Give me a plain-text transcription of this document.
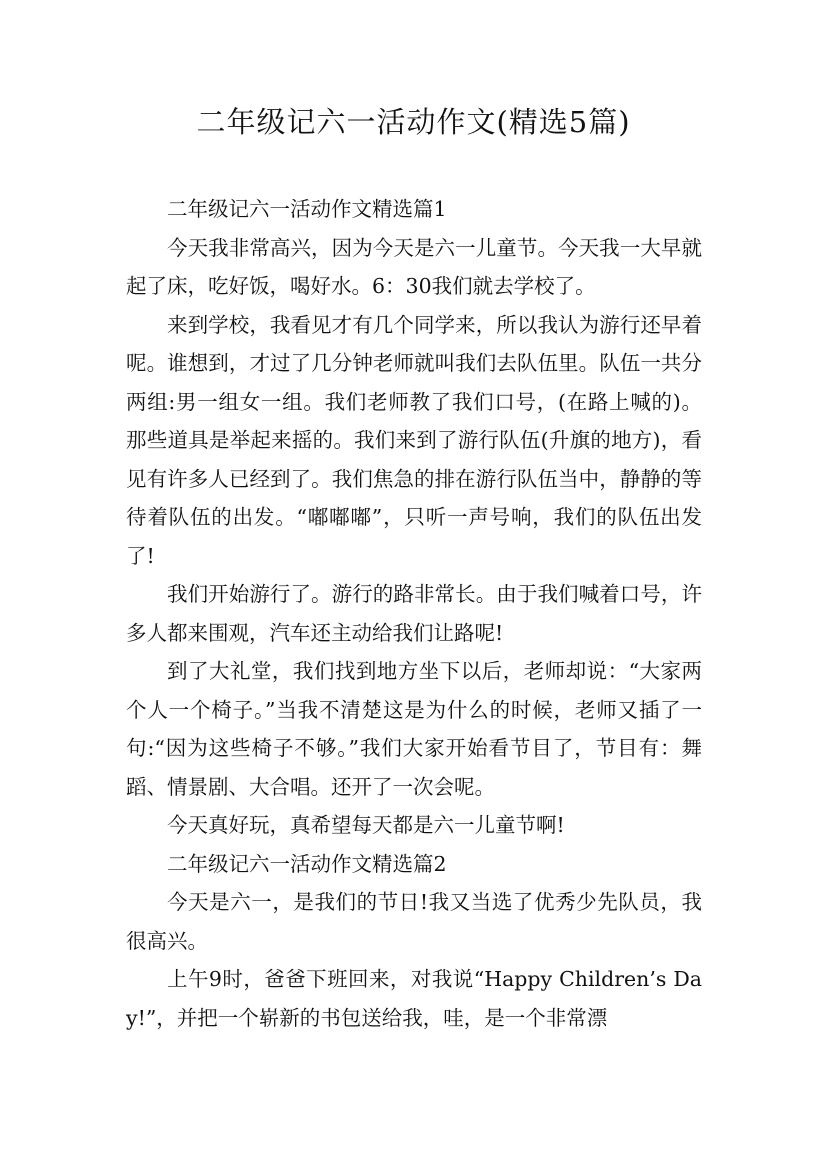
二年级记六一活动作文(精选5篇)

二年级记六一活动作文精选篇1

今天我非常高兴，因为今天是六一儿童节。今天我一大早就起了床，吃好饭，喝好水。6：30我们就去学校了。

来到学校，我看见才有几个同学来，所以我认为游行还早着呢。谁想到，才过了几分钟老师就叫我们去队伍里。队伍一共分两组:男一组女一组。我们老师教了我们口号，(在路上喊的)。那些道具是举起来摇的。我们来到了游行队伍(升旗的地方)，看见有许多人已经到了。我们焦急的排在游行队伍当中，静静的等待着队伍的出发。“嘟嘟嘟”，只听一声号响，我们的队伍出发了!

我们开始游行了。游行的路非常长。由于我们喊着口号，许多人都来围观，汽车还主动给我们让路呢!

到了大礼堂，我们找到地方坐下以后，老师却说：“大家两个人一个椅子。”当我不清楚这是为什么的时候，老师又插了一句:“因为这些椅子不够。”我们大家开始看节目了，节目有：舞蹈、情景剧、大合唱。还开了一次会呢。

今天真好玩，真希望每天都是六一儿童节啊!

二年级记六一活动作文精选篇2

今天是六一，是我们的节日!我又当选了优秀少先队员，我很高兴。

上午9时，爸爸下班回来，对我说“Happy Children’s Day!”，并把一个崭新的书包送给我，哇，是一个非常漂
